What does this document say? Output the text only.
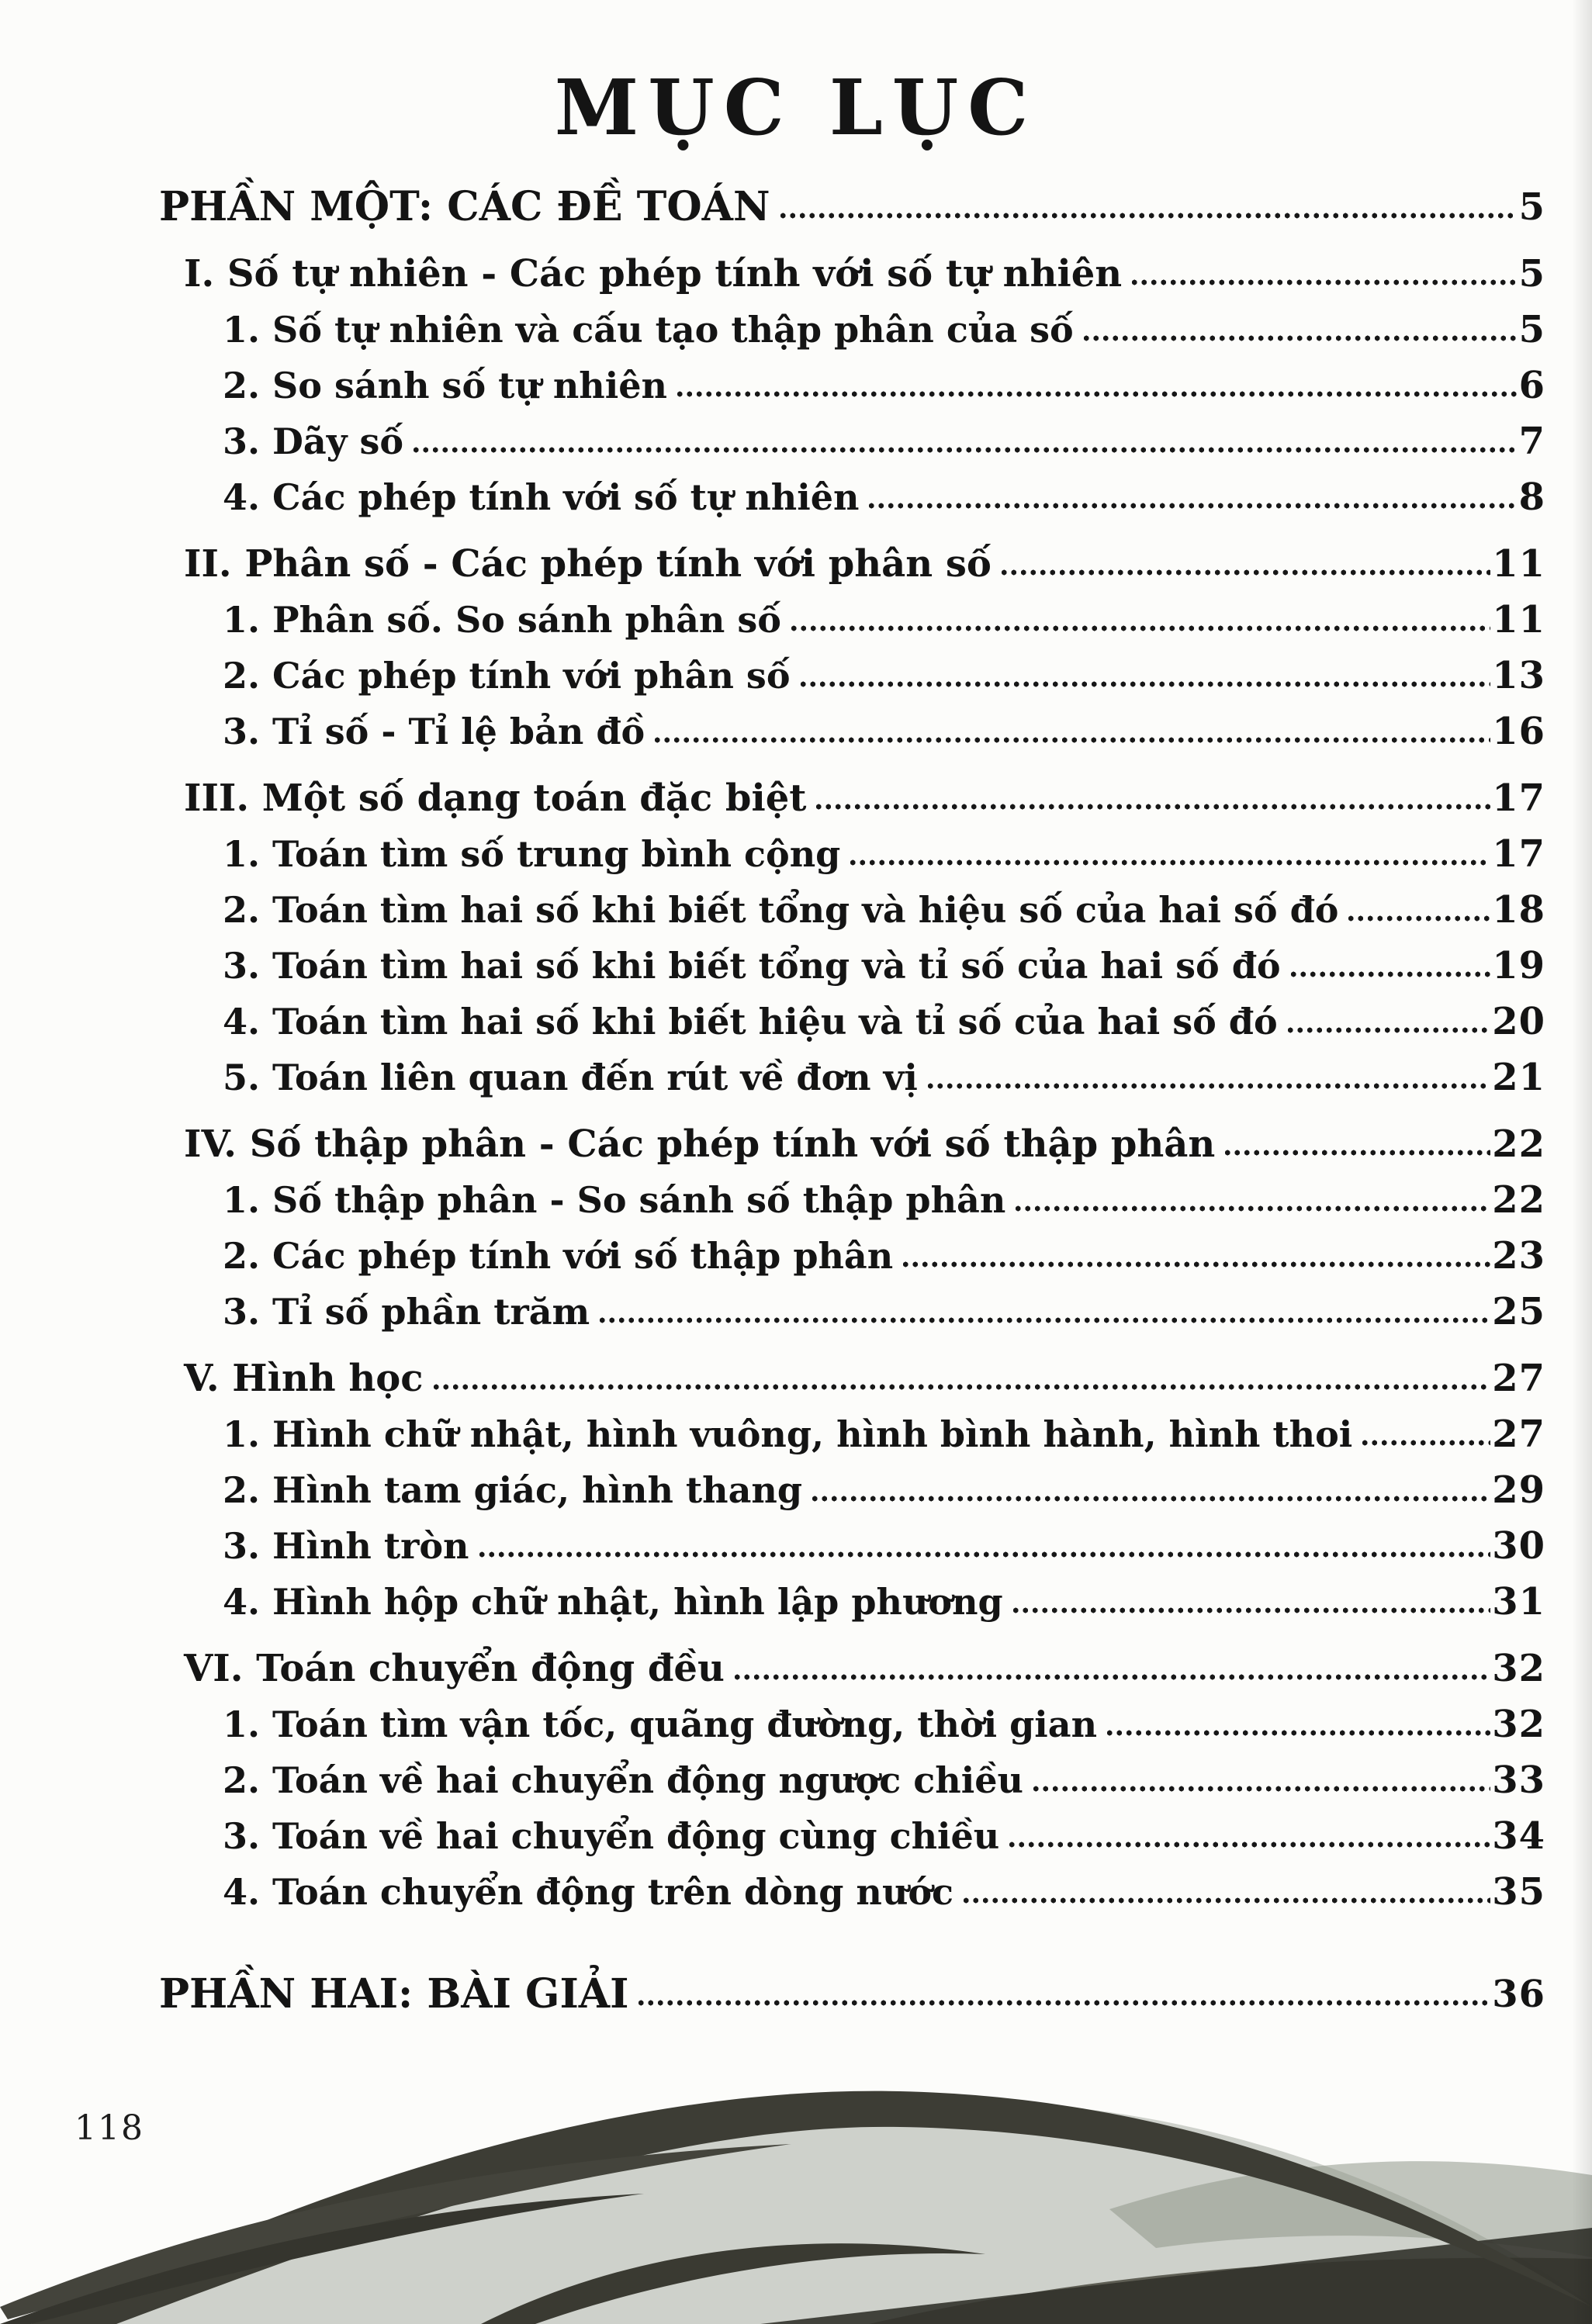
MỤC LỤC
PHẦN MỘT: CÁC ĐỀ TOÁN	5
I. Số tự nhiên - Các phép tính với số tự nhiên	5
1. Số tự nhiên và cấu tạo thập phân của số	5
2. So sánh số tự nhiên	6
3. Dãy số	7
4. Các phép tính với số tự nhiên	8
II. Phân số - Các phép tính với phân số	11
1. Phân số. So sánh phân số	11
2. Các phép tính với phân số	13
3. Tỉ số - Tỉ lệ bản đồ	16
III. Một số dạng toán đặc biệt	17
1. Toán tìm số trung bình cộng	17
2. Toán tìm hai số khi biết tổng và hiệu số của hai số đó	18
3. Toán tìm hai số khi biết tổng và tỉ số của hai số đó	19
4. Toán tìm hai số khi biết hiệu và tỉ số của hai số đó	20
5. Toán liên quan đến rút về đơn vị	21
IV. Số thập phân - Các phép tính với số thập phân	22
1. Số thập phân - So sánh số thập phân	22
2. Các phép tính với số thập phân	23
3. Tỉ số phần trăm	25
V. Hình học	27
1. Hình chữ nhật, hình vuông, hình bình hành, hình thoi	27
2. Hình tam giác, hình thang	29
3. Hình tròn	30
4. Hình hộp chữ nhật, hình lập phương	31
VI. Toán chuyển động đều	32
1. Toán tìm vận tốc, quãng đường, thời gian	32
2. Toán về hai chuyển động ngược chiều	33
3. Toán về hai chuyển động cùng chiều	34
4. Toán chuyển động trên dòng nước	35
PHẦN HAI: BÀI GIẢI	36
118
